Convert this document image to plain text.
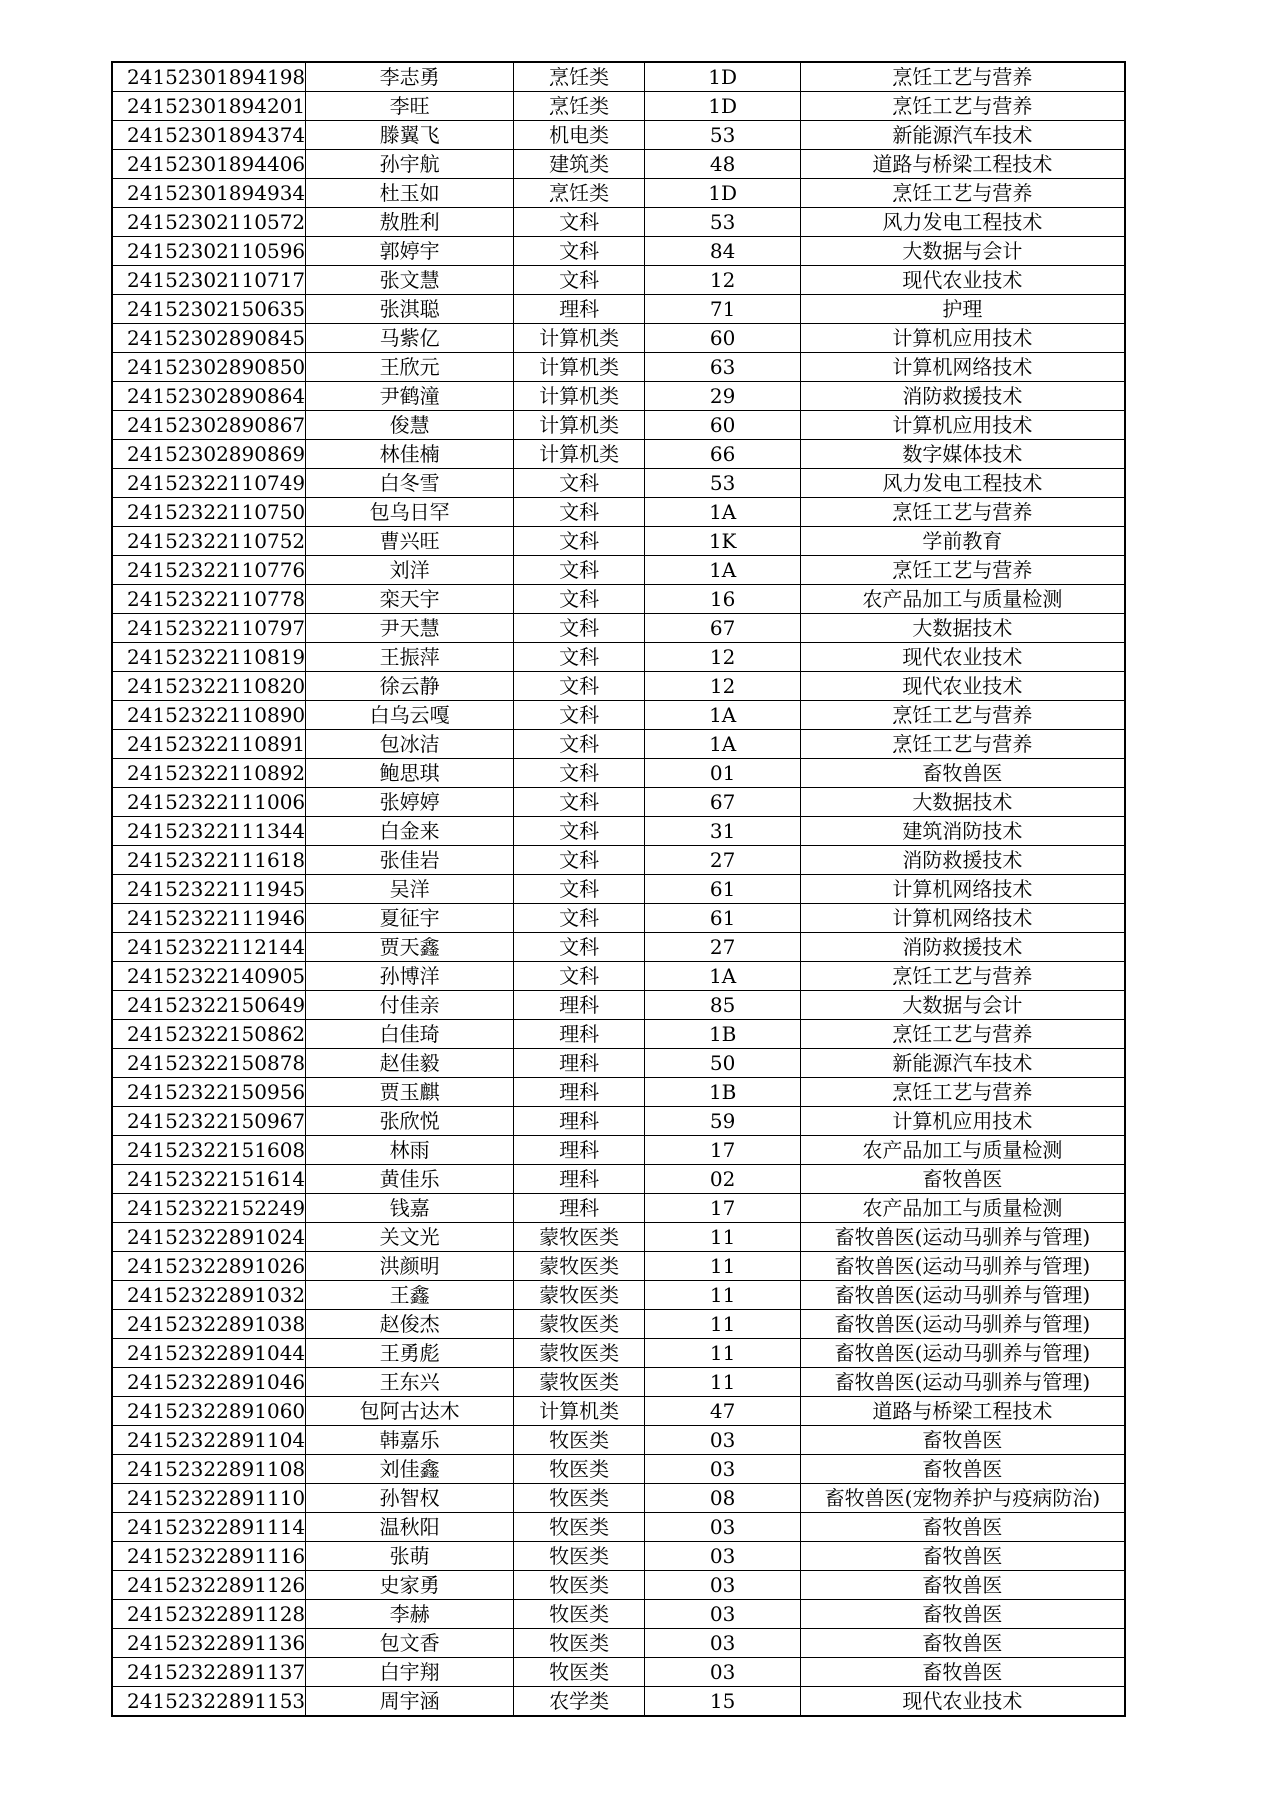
24152301894198	李志勇	烹饪类	1D	烹饪工艺与营养
24152301894201	李旺	烹饪类	1D	烹饪工艺与营养
24152301894374	滕翼飞	机电类	53	新能源汽车技术
24152301894406	孙宇航	建筑类	48	道路与桥梁工程技术
24152301894934	杜玉如	烹饪类	1D	烹饪工艺与营养
24152302110572	敖胜利	文科	53	风力发电工程技术
24152302110596	郭婷宇	文科	84	大数据与会计
24152302110717	张文慧	文科	12	现代农业技术
24152302150635	张淇聪	理科	71	护理
24152302890845	马紫亿	计算机类	60	计算机应用技术
24152302890850	王欣元	计算机类	63	计算机网络技术
24152302890864	尹鹤潼	计算机类	29	消防救援技术
24152302890867	俊慧	计算机类	60	计算机应用技术
24152302890869	林佳楠	计算机类	66	数字媒体技术
24152322110749	白冬雪	文科	53	风力发电工程技术
24152322110750	包乌日罕	文科	1A	烹饪工艺与营养
24152322110752	曹兴旺	文科	1K	学前教育
24152322110776	刘洋	文科	1A	烹饪工艺与营养
24152322110778	栾天宇	文科	16	农产品加工与质量检测
24152322110797	尹天慧	文科	67	大数据技术
24152322110819	王振萍	文科	12	现代农业技术
24152322110820	徐云静	文科	12	现代农业技术
24152322110890	白乌云嘎	文科	1A	烹饪工艺与营养
24152322110891	包冰洁	文科	1A	烹饪工艺与营养
24152322110892	鲍思琪	文科	01	畜牧兽医
24152322111006	张婷婷	文科	67	大数据技术
24152322111344	白金来	文科	31	建筑消防技术
24152322111618	张佳岩	文科	27	消防救援技术
24152322111945	吴洋	文科	61	计算机网络技术
24152322111946	夏征宇	文科	61	计算机网络技术
24152322112144	贾天鑫	文科	27	消防救援技术
24152322140905	孙博洋	文科	1A	烹饪工艺与营养
24152322150649	付佳亲	理科	85	大数据与会计
24152322150862	白佳琦	理科	1B	烹饪工艺与营养
24152322150878	赵佳毅	理科	50	新能源汽车技术
24152322150956	贾玉麒	理科	1B	烹饪工艺与营养
24152322150967	张欣悦	理科	59	计算机应用技术
24152322151608	林雨	理科	17	农产品加工与质量检测
24152322151614	黄佳乐	理科	02	畜牧兽医
24152322152249	钱嘉	理科	17	农产品加工与质量检测
24152322891024	关文光	蒙牧医类	11	畜牧兽医(运动马驯养与管理)
24152322891026	洪颜明	蒙牧医类	11	畜牧兽医(运动马驯养与管理)
24152322891032	王鑫	蒙牧医类	11	畜牧兽医(运动马驯养与管理)
24152322891038	赵俊杰	蒙牧医类	11	畜牧兽医(运动马驯养与管理)
24152322891044	王勇彪	蒙牧医类	11	畜牧兽医(运动马驯养与管理)
24152322891046	王东兴	蒙牧医类	11	畜牧兽医(运动马驯养与管理)
24152322891060	包阿古达木	计算机类	47	道路与桥梁工程技术
24152322891104	韩嘉乐	牧医类	03	畜牧兽医
24152322891108	刘佳鑫	牧医类	03	畜牧兽医
24152322891110	孙智权	牧医类	08	畜牧兽医(宠物养护与疫病防治)
24152322891114	温秋阳	牧医类	03	畜牧兽医
24152322891116	张萌	牧医类	03	畜牧兽医
24152322891126	史家勇	牧医类	03	畜牧兽医
24152322891128	李赫	牧医类	03	畜牧兽医
24152322891136	包文香	牧医类	03	畜牧兽医
24152322891137	白宇翔	牧医类	03	畜牧兽医
24152322891153	周宇涵	农学类	15	现代农业技术
